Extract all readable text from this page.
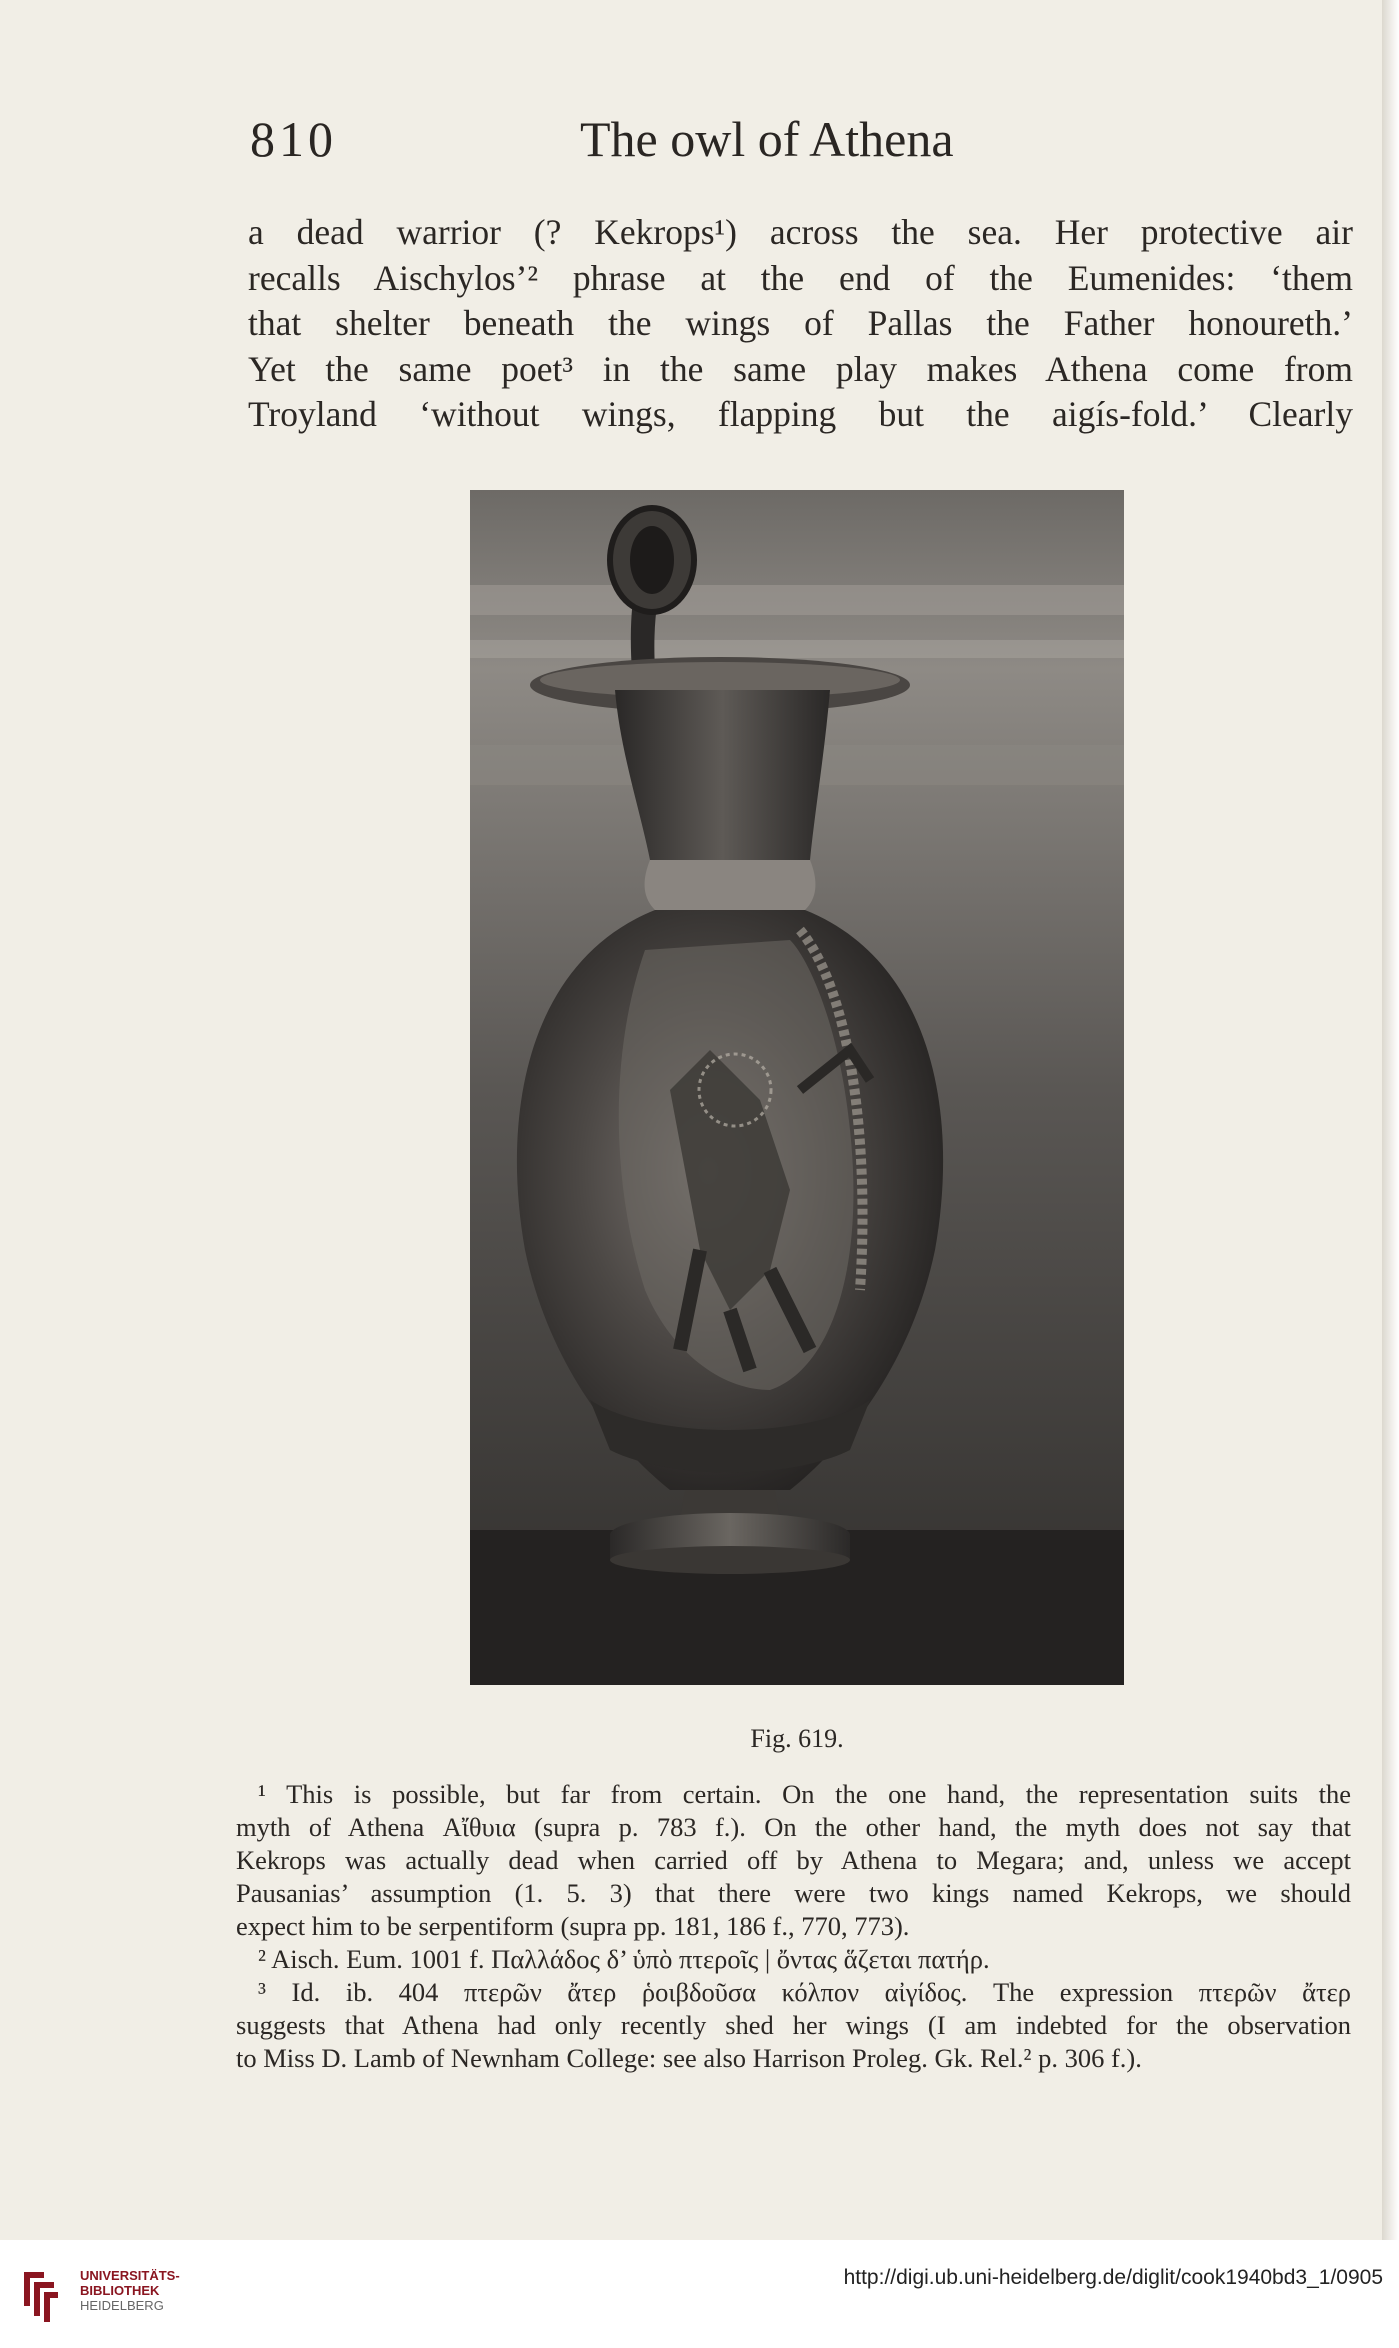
810	The owl of Athena
a dead warrior (? Kekrops¹) across the sea. Her protective air
recalls Aischylos’² phrase at the end of the Eumenides: ‘them
that shelter beneath the wings of Pallas the Father honoureth.’
Yet the same poet³ in the same play makes Athena come from
Troyland ‘without wings, flapping but the aigís-fold.’ Clearly
Fig. 619.
¹ This is possible, but far from certain. On the one hand, the representation suits the
myth of Athena Αἴθυια (supra p. 783 f.). On the other hand, the myth does not say that
Kekrops was actually dead when carried off by Athena to Megara; and, unless we accept
Pausanias’ assumption (1. 5. 3) that there were two kings named Kekrops, we should
expect him to be serpentiform (supra pp. 181, 186 f., 770, 773).
² Aisch. Eum. 1001 f. Παλλάδος δ’ ὑπὸ πτεροῖς | ὄντας ἅζεται πατήρ.
³ Id. ib. 404 πτερῶν ἄτερ ῥοιβδοῦσα κόλπον αἰγίδος. The expression πτερῶν ἄτερ
suggests that Athena had only recently shed her wings (I am indebted for the observation
to Miss D. Lamb of Newnham College: see also Harrison Proleg. Gk. Rel.² p. 306 f.).
UNIVERSITÄTS-
BIBLIOTHEK
HEIDELBERG
http://digi.ub.uni-heidelberg.de/diglit/cook1940bd3_1/0905
